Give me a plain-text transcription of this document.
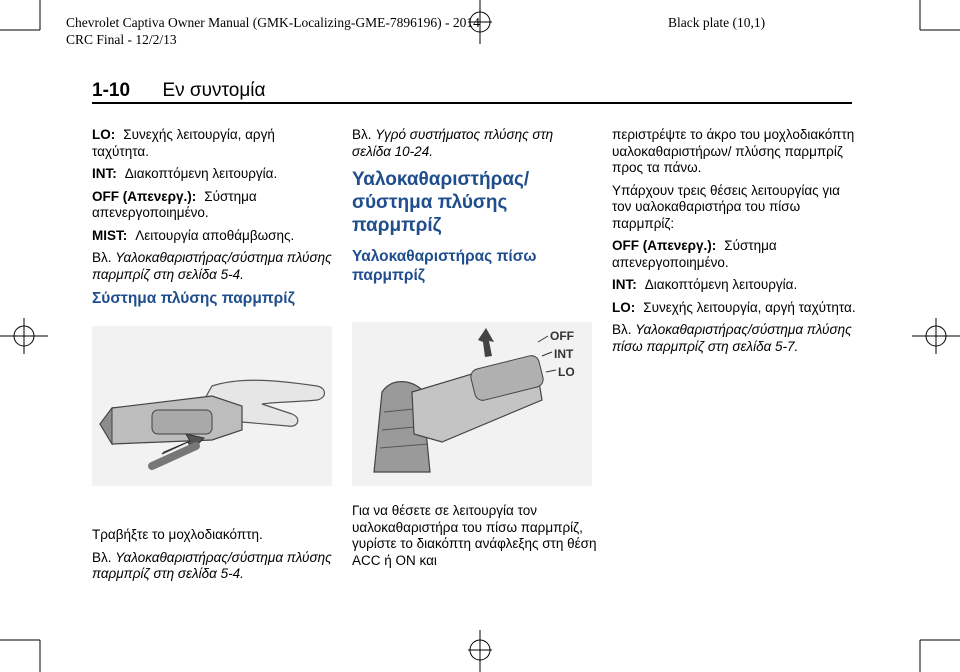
Chevrolet Captiva Owner Manual (GMK-Localizing-GME-7896196) - 2014
CRC Final - 12/2/13
Black plate (10,1)
1-10 Εν συντομία

LO: Συνεχής λειτουργία, αργή ταχύτητα.

INT: Διακοπτόμενη λειτουργία.

OFF (Απενεργ.): Σύστημα απενεργοποιημένο.

MIST: Λειτουργία αποθάμβωσης.

Βλ. Υαλοκαθαριστήρας/σύστημα πλύσης παρμπρίζ στη σελίδα 5-4.

Σύστημα πλύσης παρμπρίζ

Τραβήξτε το μοχλοδιακόπτη.

Βλ. Υαλοκαθαριστήρας/σύστημα πλύσης παρμπρίζ στη σελίδα 5-4.

Βλ. Υγρό συστήματος πλύσης στη σελίδα 10-24.

Υαλοκαθαριστήρας/ σύστημα πλύσης παρμπρίζ
Υαλοκαθαριστήρας πίσω παρμπρίζ
OFF
INT
LO

Για να θέσετε σε λειτουργία τον υαλοκαθαριστήρα του πίσω παρμπρίζ, γυρίστε το διακόπτη ανάφλεξης στη θέση ACC ή ON και

περιστρέψτε το άκρο του μοχλοδιακόπτη υαλοκαθαριστήρων/ πλύσης παρμπρίζ προς τα πάνω.

Υπάρχουν τρεις θέσεις λειτουργίας για τον υαλοκαθαριστήρα του πίσω παρμπρίζ:

OFF (Απενεργ.): Σύστημα απενεργοποιημένο.

INT: Διακοπτόμενη λειτουργία.

LO: Συνεχής λειτουργία, αργή ταχύτητα.

Βλ. Υαλοκαθαριστήρας/σύστημα πλύσης πίσω παρμπρίζ στη σελίδα 5-7.
